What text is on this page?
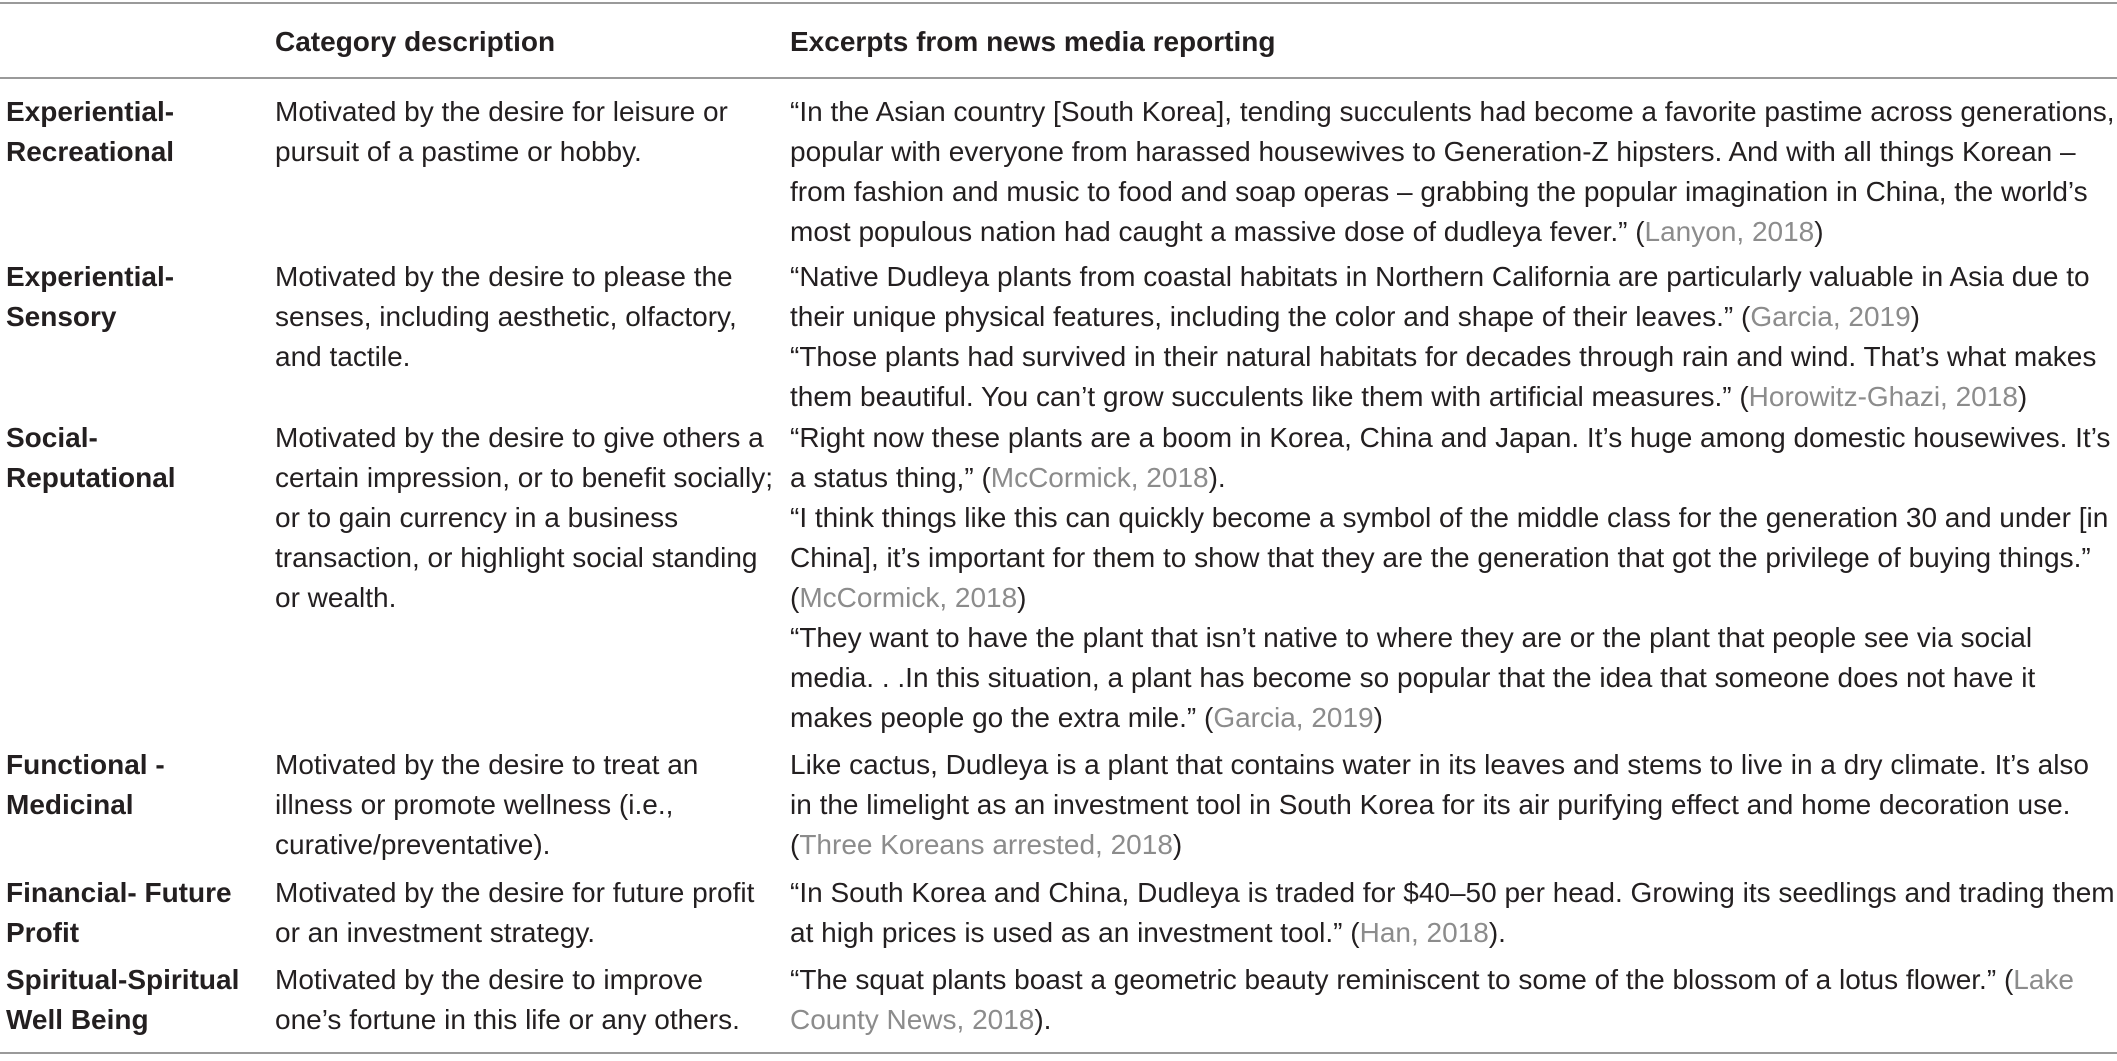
Category description	Excerpts from news media reporting
Experiential-Recreational
Motivated by the desire for leisure or pursuit of a pastime or hobby.

“In the Asian country [South Korea], tending succulents had become a favorite pastime across generations, popular with everyone from harassed housewives to Generation-Z hipsters. And with all things Korean – from fashion and music to food and soap operas – grabbing the popular imagination in China, the world’s most populous nation had caught a massive dose of dudleya fever.” (Lanyon, 2018)

Experiential-Sensory
Motivated by the desire to please the senses, including aesthetic, olfactory, and tactile.

“Native Dudleya plants from coastal habitats in Northern California are particularly valuable in Asia due to their unique physical features, including the color and shape of their leaves.” (Garcia, 2019)

“Those plants had survived in their natural habitats for decades through rain and wind. That’s what makes them beautiful. You can’t grow succulents like them with artificial measures.” (Horowitz-Ghazi, 2018)

Social-Reputational
Motivated by the desire to give others a certain impression, or to benefit socially; or to gain currency in a business transaction, or highlight social standing or wealth.

“Right now these plants are a boom in Korea, China and Japan. It’s huge among domestic housewives. It’s a status thing,” (McCormick, 2018).

“I think things like this can quickly become a symbol of the middle class for the generation 30 and under [in China], it’s important for them to show that they are the generation that got the privilege of buying things.” (McCormick, 2018)

“They want to have the plant that isn’t native to where they are or the plant that people see via social media. . .In this situation, a plant has become so popular that the idea that someone does not have it makes people go the extra mile.” (Garcia, 2019)

Functional - Medicinal
Motivated by the desire to treat an illness or promote wellness (i.e., curative/preventative).

Like cactus, Dudleya is a plant that contains water in its leaves and stems to live in a dry climate. It’s also in the limelight as an investment tool in South Korea for its air purifying effect and home decoration use. (Three Koreans arrested, 2018)

Financial- Future Profit
Motivated by the desire for future profit or an investment strategy.

“In South Korea and China, Dudleya is traded for $40–50 per head. Growing its seedlings and trading them at high prices is used as an investment tool.” (Han, 2018).

Spiritual-Spiritual Well Being
Motivated by the desire to improve one’s fortune in this life or any others.

“The squat plants boast a geometric beauty reminiscent to some of the blossom of a lotus flower.” (Lake County News, 2018).
